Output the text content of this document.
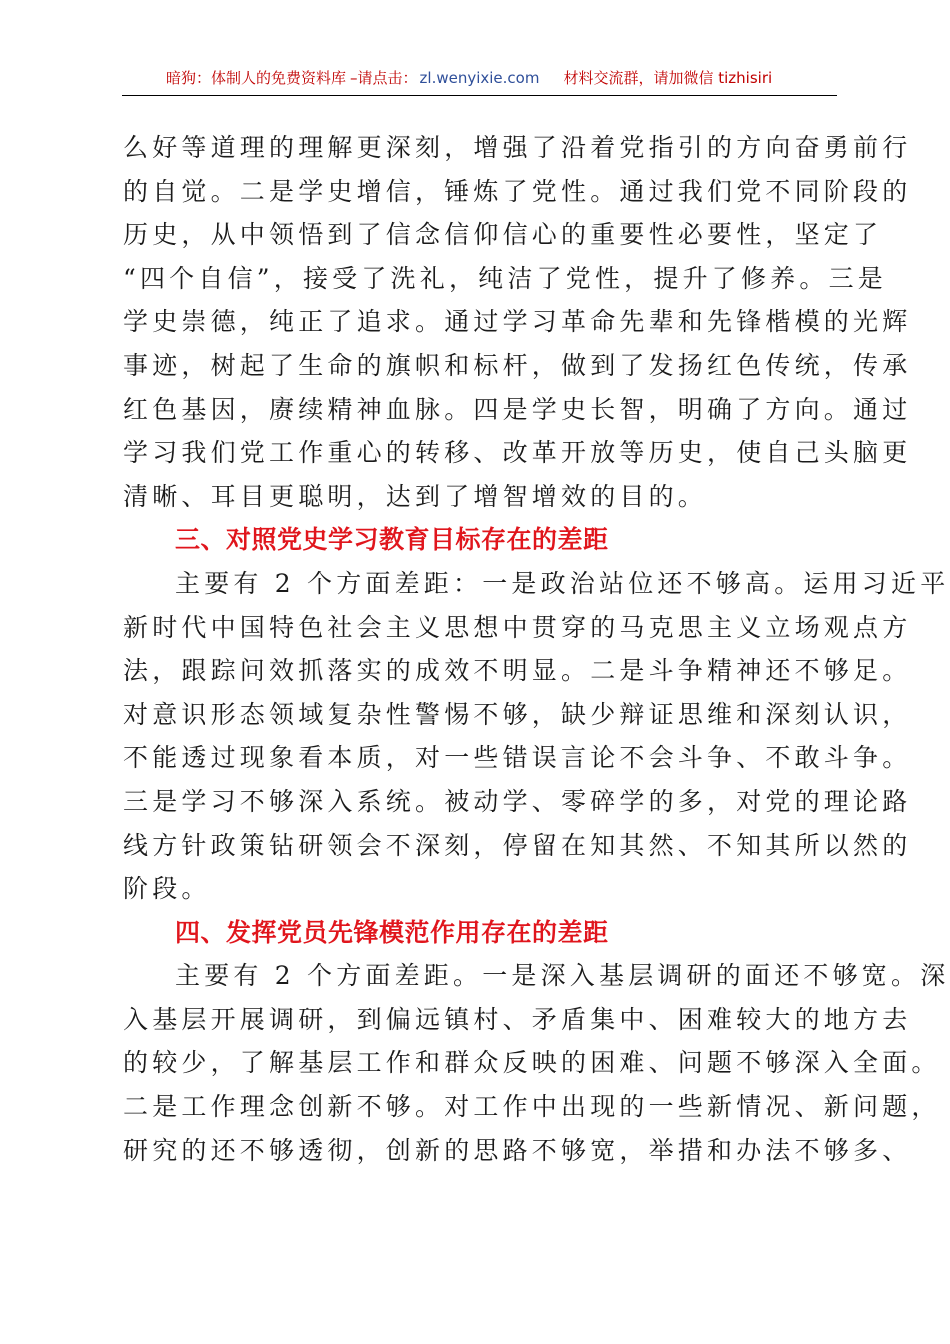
暗狗：体制人的免费资料库 –请点击： zl.wenyixie.com 材料交流群，请加微信 tizhisiri
么好等道理的理解更深刻，增强了沿着党指引的方向奋勇前行
的自觉。二是学史增信，锤炼了党性。通过我们党不同阶段的
历史，从中领悟到了信念信仰信心的重要性必要性，坚定了
“四个自信”，接受了洗礼，纯洁了党性，提升了修养。三是
学史崇德，纯正了追求。通过学习革命先辈和先锋楷模的光辉
事迹，树起了生命的旗帜和标杆，做到了发扬红色传统，传承
红色基因，赓续精神血脉。四是学史长智，明确了方向。通过
学习我们党工作重心的转移、改革开放等历史，使自己头脑更
清晰、耳目更聪明，达到了增智增效的目的。
三、对照党史学习教育目标存在的差距
主要有 2 个方面差距：一是政治站位还不够高。运用习近平
新时代中国特色社会主义思想中贯穿的马克思主义立场观点方
法，跟踪问效抓落实的成效不明显。二是斗争精神还不够足。
对意识形态领域复杂性警惕不够，缺少辩证思维和深刻认识，
不能透过现象看本质，对一些错误言论不会斗争、不敢斗争。
三是学习不够深入系统。被动学、零碎学的多，对党的理论路
线方针政策钻研领会不深刻，停留在知其然、不知其所以然的
阶段。
四、发挥党员先锋模范作用存在的差距
主要有 2 个方面差距。一是深入基层调研的面还不够宽。深
入基层开展调研，到偏远镇村、矛盾集中、困难较大的地方去
的较少，了解基层工作和群众反映的困难、问题不够深入全面。
二是工作理念创新不够。对工作中出现的一些新情况、新问题，
研究的还不够透彻，创新的思路不够宽，举措和办法不够多、
